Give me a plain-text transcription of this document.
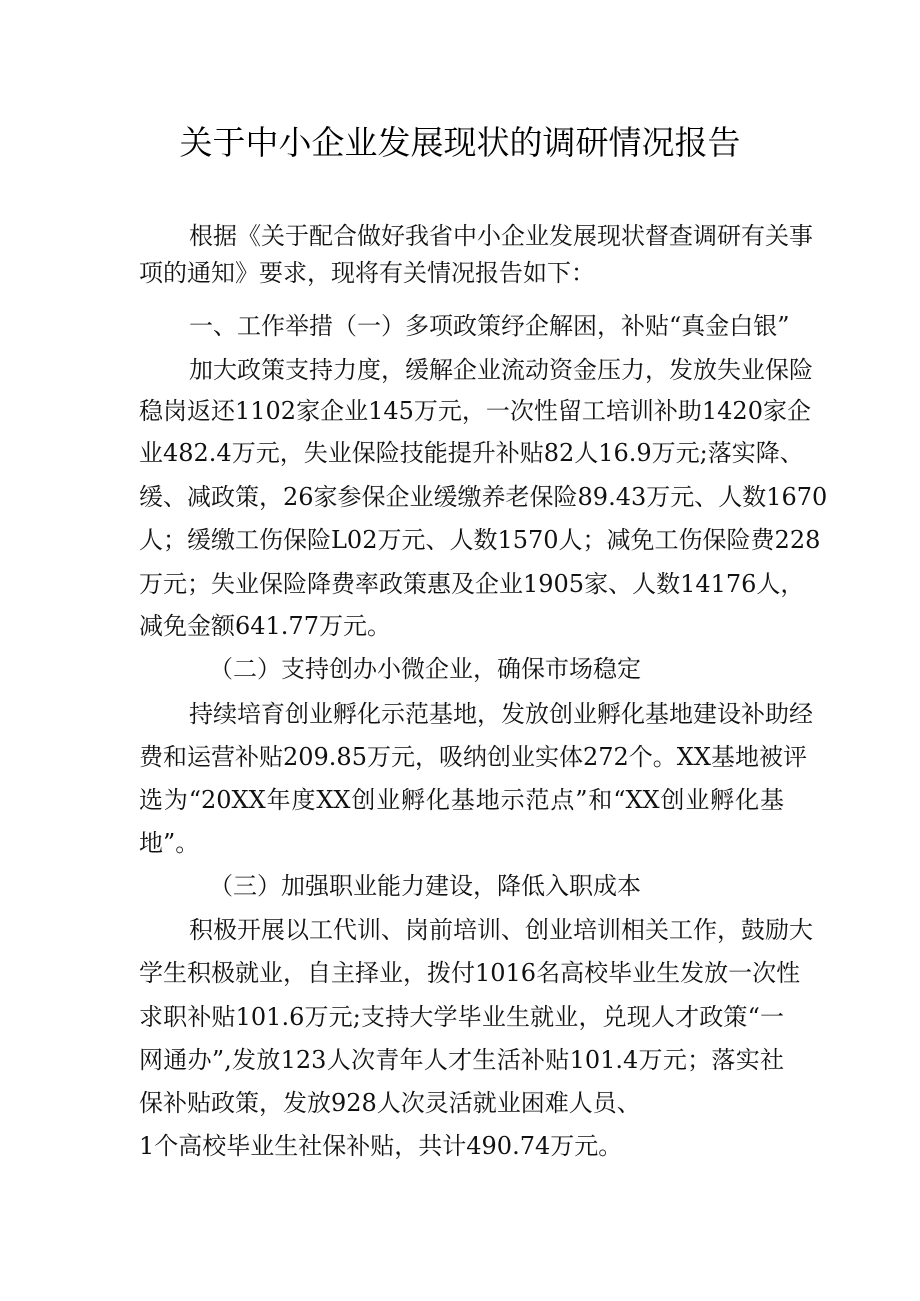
关于中小企业发展现状的调研情况报告
根据《关于配合做好我省中小企业发展现状督查调研有关事
项的通知》要求，现将有关情况报告如下：
一、工作举措（一）多项政策纾企解困，补贴“真金白银”
加大政策支持力度，缓解企业流动资金压力，发放失业保险
稳岗返还1102家企业145万元，一次性留工培训补助1420家企
业482.4万元，失业保险技能提升补贴82人16.9万元;落实降、
缓、减政策，26家参保企业缓缴养老保险89.43万元、人数1670
人；缓缴工伤保险L02万元、人数1570人；减免工伤保险费228
万元；失业保险降费率政策惠及企业1905家、人数14176人，
减免金额641.77万元。
（二）支持创办小微企业，确保市场稳定
持续培育创业孵化示范基地，发放创业孵化基地建设补助经
费和运营补贴209.85万元，吸纳创业实体272个。XX基地被评
选为“20XX年度XX创业孵化基地示范点”和“XX创业孵化基
地”。
（三）加强职业能力建设，降低入职成本
积极开展以工代训、岗前培训、创业培训相关工作，鼓励大
学生积极就业，自主择业，拨付1016名高校毕业生发放一次性
求职补贴101.6万元;支持大学毕业生就业，兑现人才政策“一
网通办”,发放123人次青年人才生活补贴101.4万元；落实社
保补贴政策，发放928人次灵活就业困难人员、
1个高校毕业生社保补贴，共计490.74万元。
